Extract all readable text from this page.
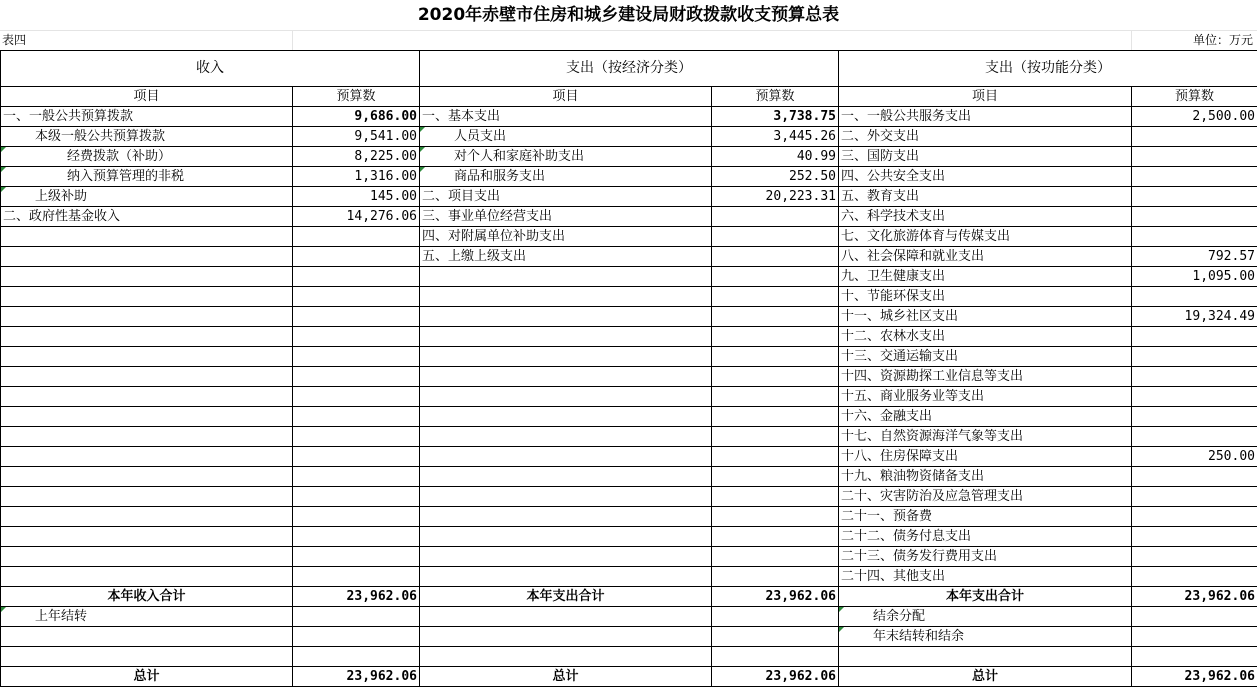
2020年赤壁市住房和城乡建设局财政拨款收支预算总表
表四	单位：万元
收入		支出（按经济分类）		支出（按功能分类）	
项目	预算数	项目	预算数	项目	预算数
一、一般公共预算拨款	9,686.00	一、基本支出	3,738.75	一、一般公共服务支出	2,500.00
本级一般公共预算拨款	9,541.00	人员支出	3,445.26	二、外交支出	
经费拨款（补助）	8,225.00	对个人和家庭补助支出	40.99	三、国防支出	
纳入预算管理的非税	1,316.00	商品和服务支出	252.50	四、公共安全支出	
上级补助	145.00	二、项目支出	20,223.31	五、教育支出	
二、政府性基金收入	14,276.06	三、事业单位经营支出		六、科学技术支出	
		四、对附属单位补助支出		七、文化旅游体育与传媒支出	
		五、上缴上级支出		八、社会保障和就业支出	792.57
				九、卫生健康支出	1,095.00
				十、节能环保支出	
				十一、城乡社区支出	19,324.49
				十二、农林水支出	
				十三、交通运输支出	
				十四、资源勘探工业信息等支出	
				十五、商业服务业等支出	
				十六、金融支出	
				十七、自然资源海洋气象等支出	
				十八、住房保障支出	250.00
				十九、粮油物资储备支出	
				二十、灾害防治及应急管理支出	
				二十一、预备费	
				二十二、债务付息支出	
				二十三、债务发行费用支出	
				二十四、其他支出	
本年收入合计	23,962.06	本年支出合计	23,962.06	本年支出合计	23,962.06
上年结转				结余分配	
				年末结转和结余	

总计	23,962.06	总计	23,962.06	总计	23,962.06
